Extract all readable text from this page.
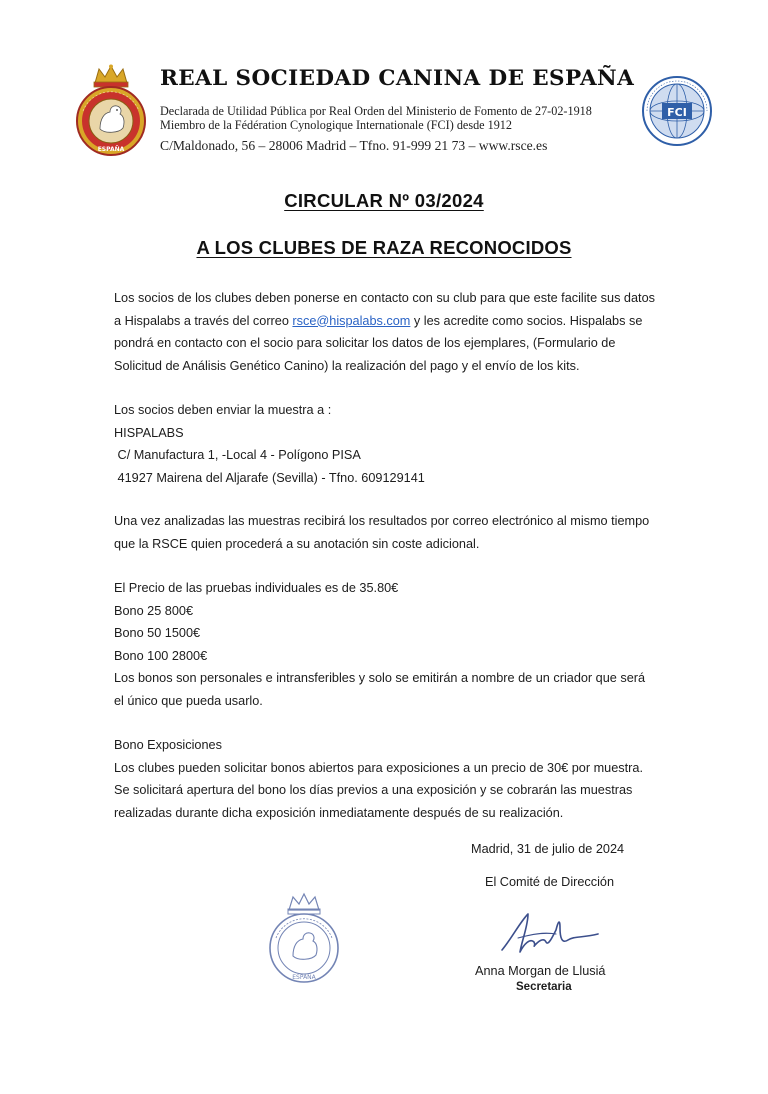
ESPAÑA
FCI
REAL SOCIEDAD CANINA DE ESPAÑA
Declarada de Utilidad Pública por Real Orden del Ministerio de Fomento de 27-02-1918
Miembro de la Fédération Cynologique Internationale (FCI) desde 1912
C/Maldonado, 56 – 28006 Madrid – Tfno. 91-999 21 73 – www.rsce.es
CIRCULAR Nº 03/2024
A LOS CLUBES DE RAZA RECONOCIDOS
Los socios de los clubes deben ponerse en contacto con su club para que este facilite sus datos
a Hispalabs a través del correo rsce@hispalabs.com y les acredite como socios. Hispalabs se
pondrá en contacto con el socio para solicitar los datos de los ejemplares, (Formulario de
Solicitud de Análisis Genético Canino) la realización del pago y el envío de los kits.
Los socios deben enviar la muestra a :
HISPALABS
C/ Manufactura 1, -Local 4 - Polígono PISA
41927 Mairena del Aljarafe (Sevilla) - Tfno. 609129141
Una vez analizadas las muestras recibirá los resultados por correo electrónico al mismo tiempo
que la RSCE quien procederá a su anotación sin coste adicional.
El Precio de las pruebas individuales es de 35.80€
Bono 25 800€
Bono 50 1500€
Bono 100 2800€
Los bonos son personales e intransferibles y solo se emitirán a nombre de un criador que será
el único que pueda usarlo.
Bono Exposiciones
Los clubes pueden solicitar bonos abiertos para exposiciones a un precio de 30€ por muestra.
Se solicitará apertura del bono los días previos a una exposición y se cobrarán las muestras
realizadas durante dicha exposición inmediatamente después de su realización.
Madrid, 31 de julio de 2024
El Comité de Dirección
ESPAÑA	Anna Morgan de Llusiá
Secretaria
